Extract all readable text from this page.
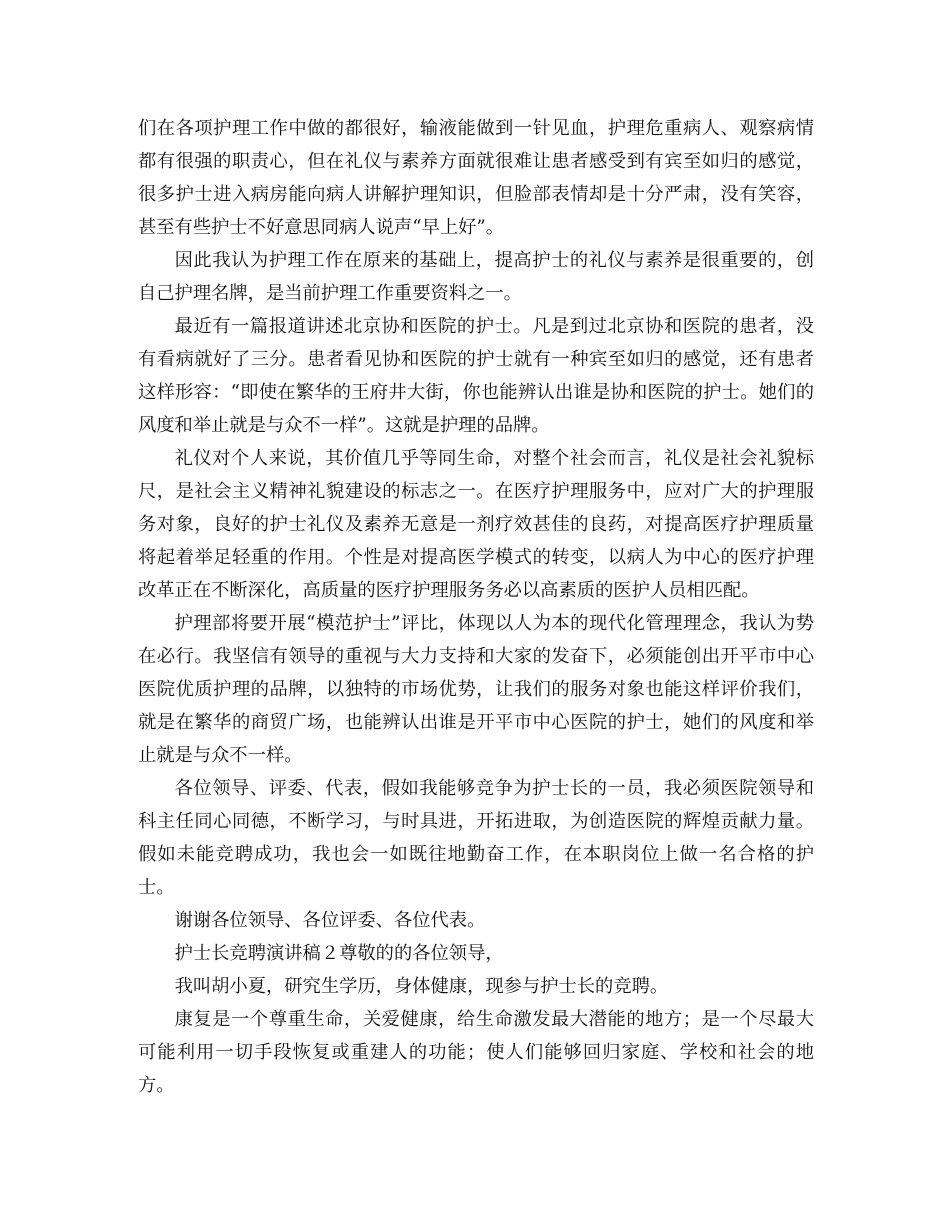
们在各项护理工作中做的都很好，输液能做到一针见血，护理危重病人、观察病情都有很强的职责心，但在礼仪与素养方面就很难让患者感受到有宾至如归的感觉，很多护士进入病房能向病人讲解护理知识，但脸部表情却是十分严肃，没有笑容，甚至有些护士不好意思同病人说声“早上好”。

因此我认为护理工作在原来的基础上，提高护士的礼仪与素养是很重要的，创自己护理名牌，是当前护理工作重要资料之一。

最近有一篇报道讲述北京协和医院的护士。凡是到过北京协和医院的患者，没有看病就好了三分。患者看见协和医院的护士就有一种宾至如归的感觉，还有患者这样形容：“即使在繁华的王府井大街，你也能辨认出谁是协和医院的护士。她们的风度和举止就是与众不一样”。这就是护理的品牌。

礼仪对个人来说，其价值几乎等同生命，对整个社会而言，礼仪是社会礼貌标尺，是社会主义精神礼貌建设的标志之一。在医疗护理服务中，应对广大的护理服务对象，良好的护士礼仪及素养无意是一剂疗效甚佳的良药，对提高医疗护理质量将起着举足轻重的作用。个性是对提高医学模式的转变，以病人为中心的医疗护理改革正在不断深化，高质量的医疗护理服务务必以高素质的医护人员相匹配。

护理部将要开展“模范护士”评比，体现以人为本的现代化管理理念，我认为势在必行。我坚信有领导的重视与大力支持和大家的发奋下，必须能创出开平市中心医院优质护理的品牌，以独特的市场优势，让我们的服务对象也能这样评价我们，就是在繁华的商贸广场，也能辨认出谁是开平市中心医院的护士，她们的风度和举止就是与众不一样。

各位领导、评委、代表，假如我能够竞争为护士长的一员，我必须医院领导和科主任同心同德，不断学习，与时具进，开拓进取，为创造医院的辉煌贡献力量。假如未能竞聘成功，我也会一如既往地勤奋工作，在本职岗位上做一名合格的护士。

谢谢各位领导、各位评委、各位代表。

护士长竞聘演讲稿２尊敬的的各位领导，

我叫胡小夏，研究生学历，身体健康，现参与护士长的竞聘。

康复是一个尊重生命，关爱健康，给生命激发最大潜能的地方；是一个尽最大可能利用一切手段恢复或重建人的功能；使人们能够回归家庭、学校和社会的地方。
